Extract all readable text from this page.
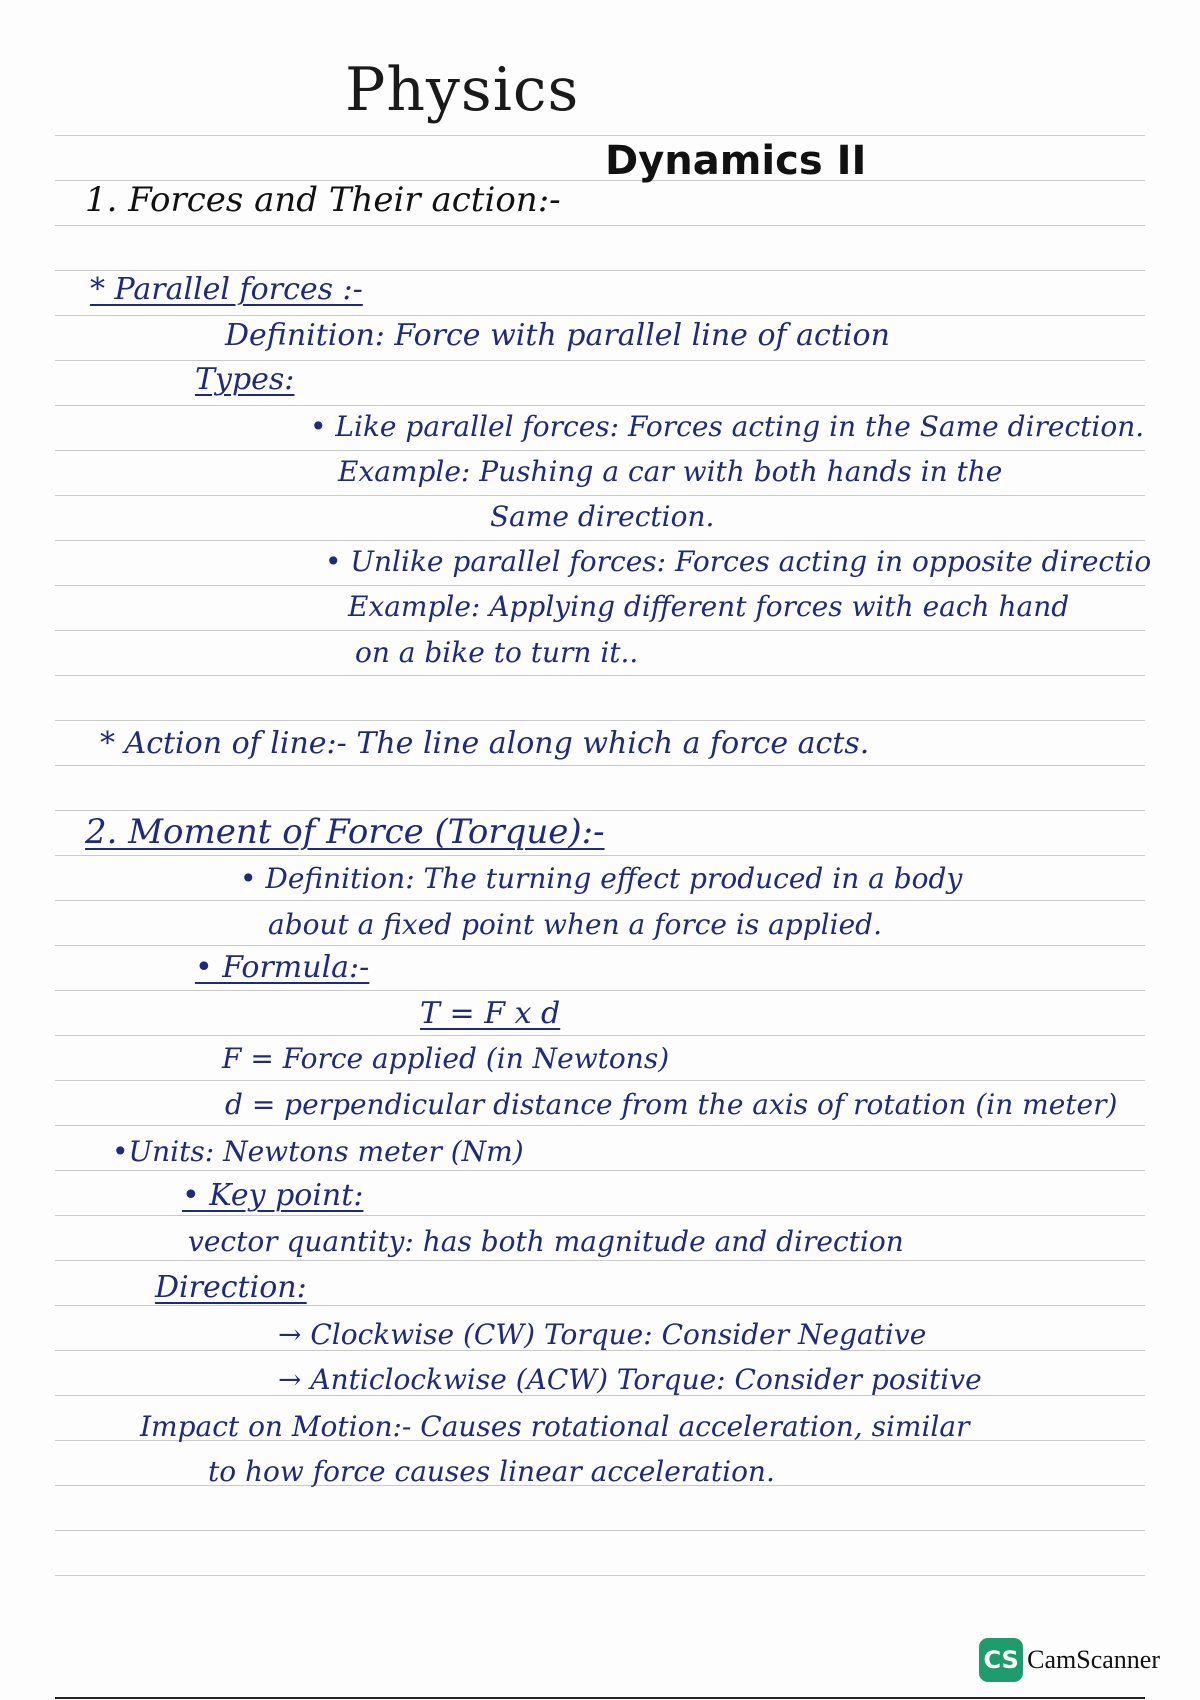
Physics
Dynamics II
1. Forces and Their action:-
* Parallel forces :-
Definition: Force with parallel line of action
Types:
• Like parallel forces: Forces acting in the Same direction.
Example: Pushing a car with both hands in the
Same direction.
• Unlike parallel forces: Forces acting in opposite directio
Example: Applying different forces with each hand
on a bike to turn it..
* Action of line:- The line along which a force acts.
2. Moment of Force (Torque):-
• Definition: The turning effect produced in a body
about a fixed point when a force is applied.
• Formula:-
T = F x d
F = Force applied (in Newtons)
d = perpendicular distance from the axis of rotation (in meter)
•Units: Newtons meter (Nm)
• Key point:
vector quantity: has both magnitude and direction
Direction:
→ Clockwise (CW) Torque: Consider Negative
→ Anticlockwise (ACW) Torque: Consider positive
Impact on Motion:- Causes rotational acceleration, similar
to how force causes linear acceleration.
CS CamScanner
